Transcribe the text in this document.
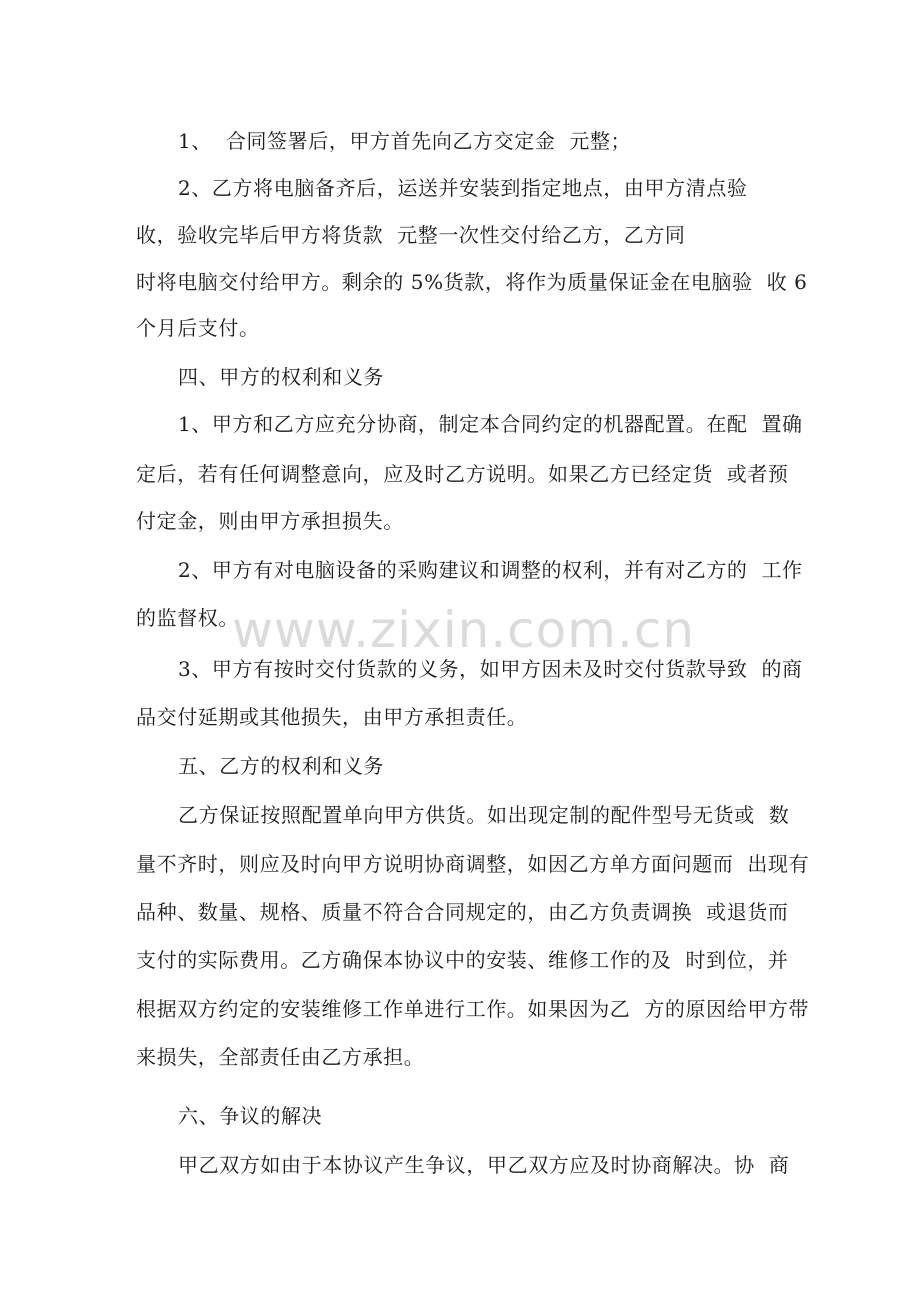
1、  合同签署后，甲方首先向乙方交定金  元整；
2、乙方将电脑备齐后，运送并安装到指定地点，由甲方清点验
收，验收完毕后甲方将货款  元整一次性交付给乙方，乙方同
时将电脑交付给甲方。剩余的 5%货款，将作为质量保证金在电脑验  收 6
个月后支付。
四、甲方的权利和义务
1、甲方和乙方应充分协商，制定本合同约定的机器配置。在配  置确
定后，若有任何调整意向，应及时乙方说明。如果乙方已经定货  或者预
付定金，则由甲方承担损失。
2、甲方有对电脑设备的采购建议和调整的权利，并有对乙方的  工作
的监督权。
3、甲方有按时交付货款的义务，如甲方因未及时交付货款导致  的商
品交付延期或其他损失，由甲方承担责任。
五、乙方的权利和义务
乙方保证按照配置单向甲方供货。如出现定制的配件型号无货或  数
量不齐时，则应及时向甲方说明协商调整，如因乙方单方面问题而  出现有
品种、数量、规格、质量不符合合同规定的，由乙方负责调换  或退货而
支付的实际费用。乙方确保本协议中的安装、维修工作的及  时到位，并
根据双方约定的安装维修工作单进行工作。如果因为乙  方的原因给甲方带
来损失，全部责任由乙方承担。
六、争议的解决
甲乙双方如由于本协议产生争议，甲乙双方应及时协商解决。协  商
www.zixin.com.cn
